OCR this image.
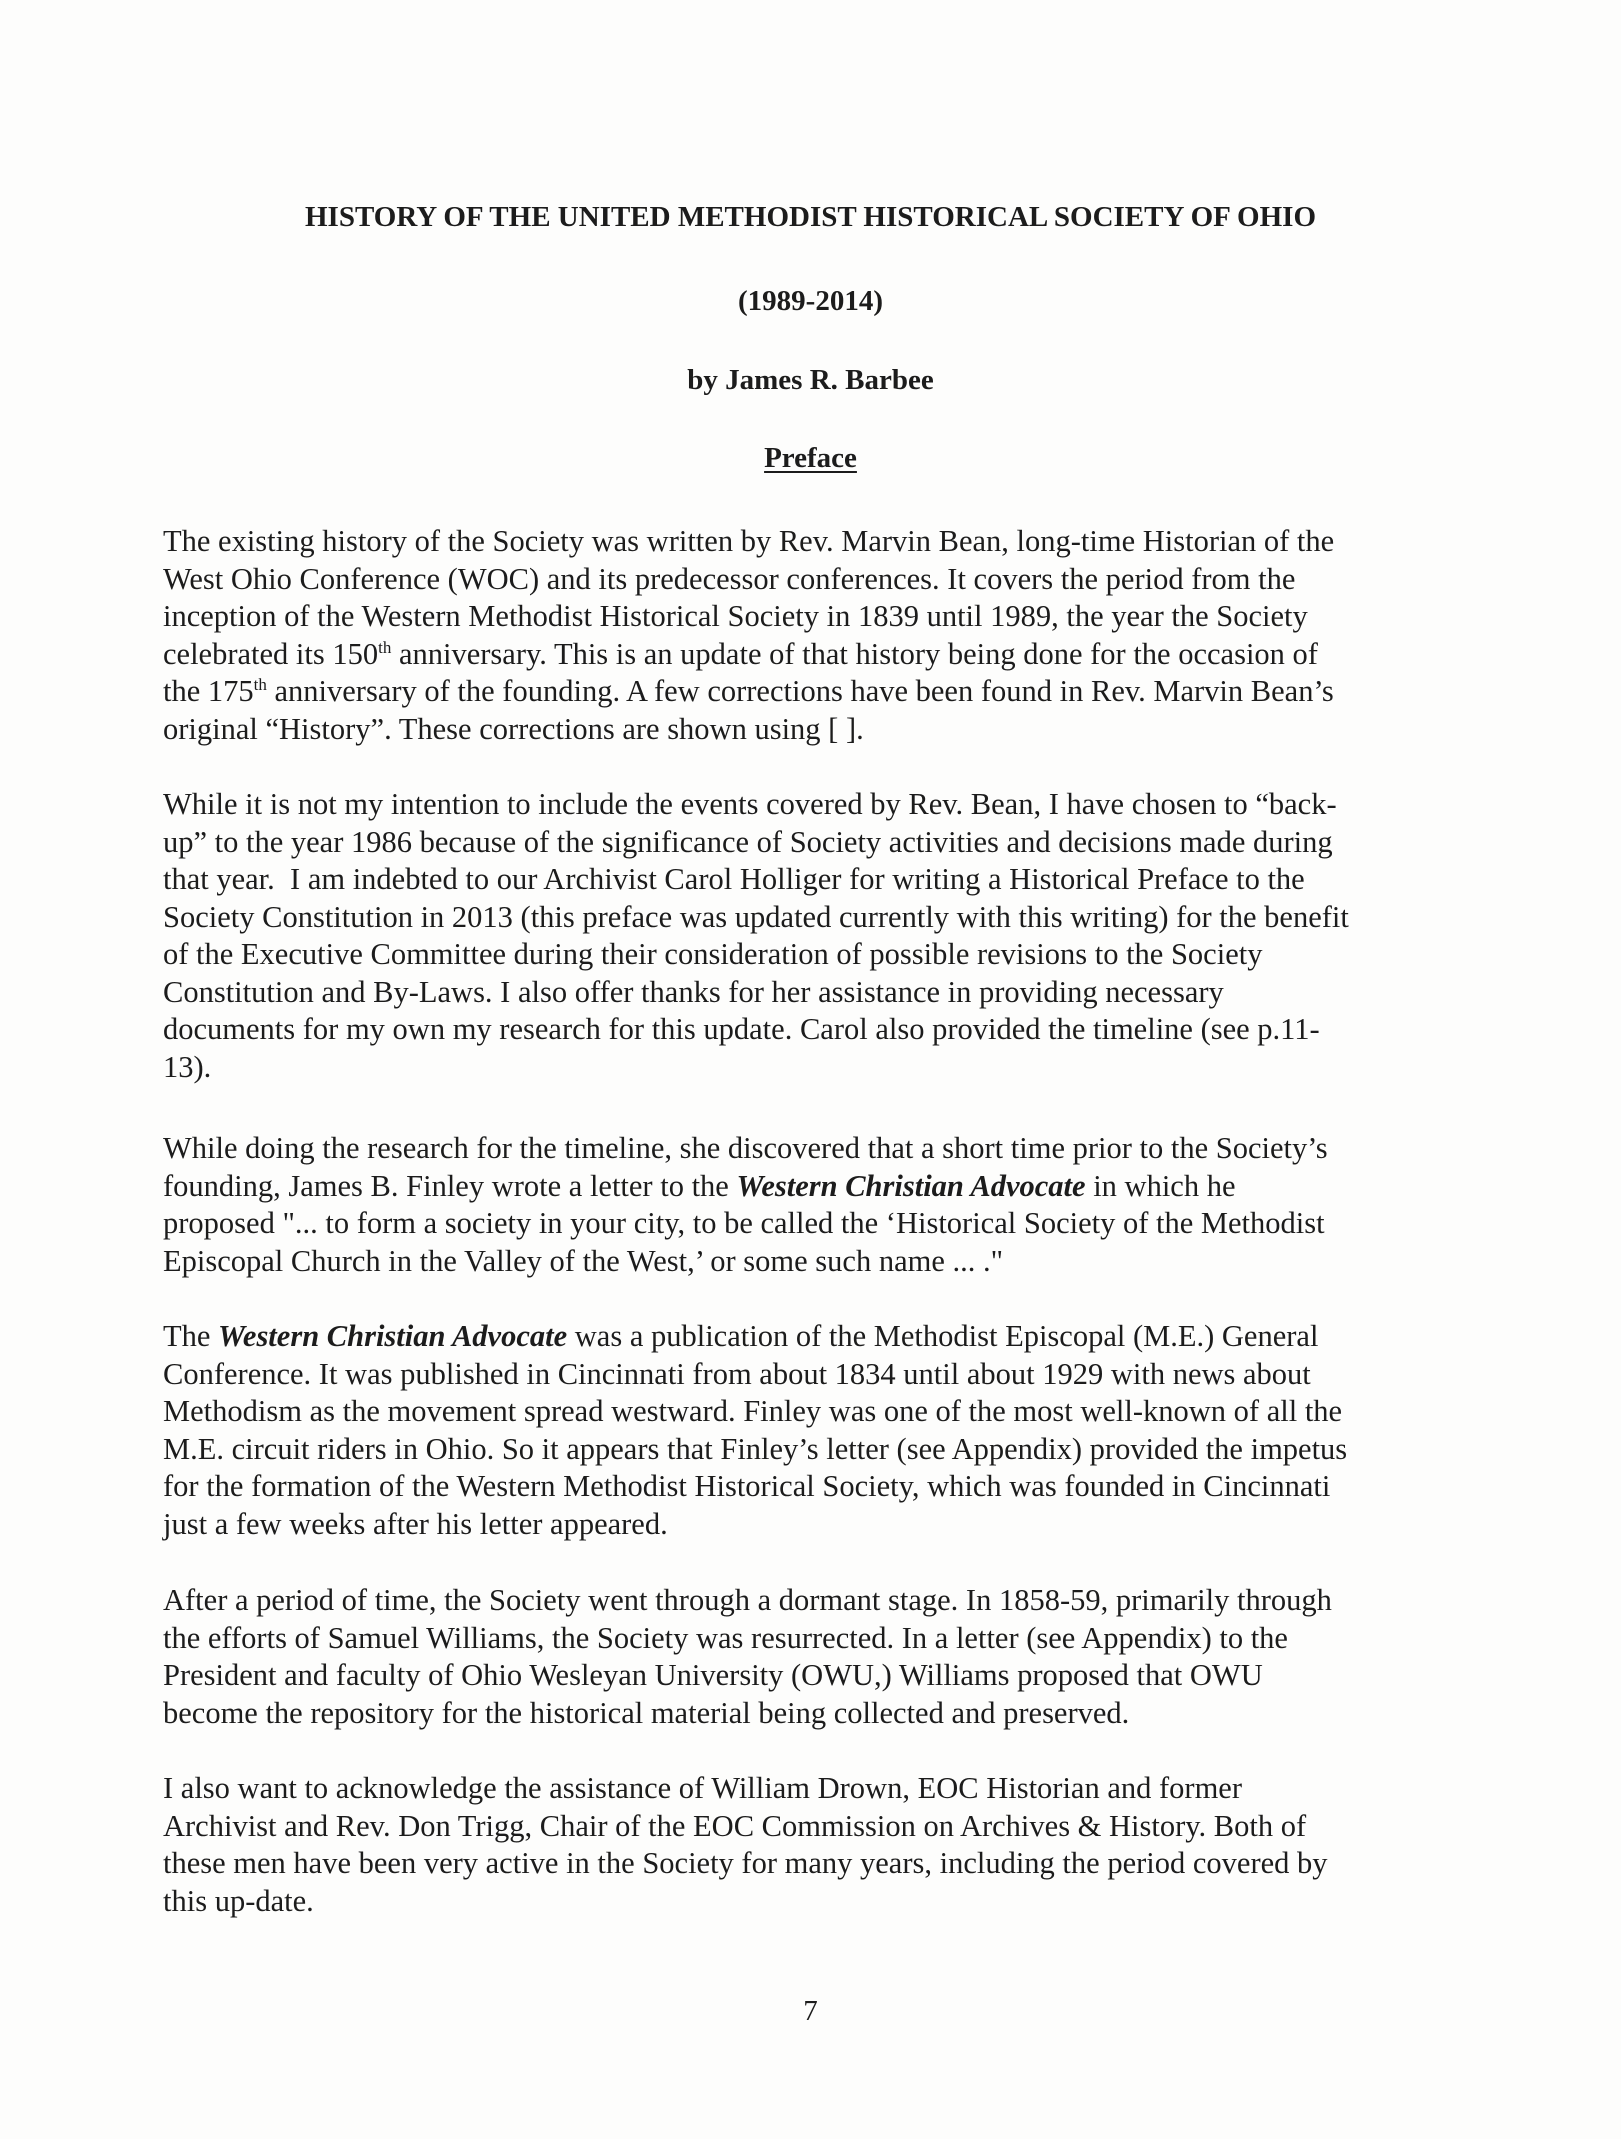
HISTORY OF THE UNITED METHODIST HISTORICAL SOCIETY OF OHIO
(1989-2014)
by James R. Barbee
Preface

The existing history of the Society was written by Rev. Marvin Bean, long-time Historian of the
West Ohio Conference (WOC) and its predecessor conferences. It covers the period from the
inception of the Western Methodist Historical Society in 1839 until 1989, the year the Society
celebrated its 150th anniversary. This is an update of that history being done for the occasion of
the 175th anniversary of the founding. A few corrections have been found in Rev. Marvin Bean’s
original “History”. These corrections are shown using [ ].

While it is not my intention to include the events covered by Rev. Bean, I have chosen to “back-
up” to the year 1986 because of the significance of Society activities and decisions made during
that year.  I am indebted to our Archivist Carol Holliger for writing a Historical Preface to the
Society Constitution in 2013 (this preface was updated currently with this writing) for the benefit
of the Executive Committee during their consideration of possible revisions to the Society
Constitution and By-Laws. I also offer thanks for her assistance in providing necessary
documents for my own my research for this update. Carol also provided the timeline (see p.11-
13).

While doing the research for the timeline, she discovered that a short time prior to the Society’s
founding, James B. Finley wrote a letter to the Western Christian Advocate in which he
proposed "... to form a society in your city, to be called the ‘Historical Society of the Methodist
Episcopal Church in the Valley of the West,’ or some such name ... ."

The Western Christian Advocate was a publication of the Methodist Episcopal (M.E.) General
Conference. It was published in Cincinnati from about 1834 until about 1929 with news about
Methodism as the movement spread westward. Finley was one of the most well-known of all the
M.E. circuit riders in Ohio. So it appears that Finley’s letter (see Appendix) provided the impetus
for the formation of the Western Methodist Historical Society, which was founded in Cincinnati
just a few weeks after his letter appeared.

After a period of time, the Society went through a dormant stage. In 1858-59, primarily through
the efforts of Samuel Williams, the Society was resurrected. In a letter (see Appendix) to the
President and faculty of Ohio Wesleyan University (OWU,) Williams proposed that OWU
become the repository for the historical material being collected and preserved.

I also want to acknowledge the assistance of William Drown, EOC Historian and former
Archivist and Rev. Don Trigg, Chair of the EOC Commission on Archives & History. Both of
these men have been very active in the Society for many years, including the period covered by
this up-date.

7
